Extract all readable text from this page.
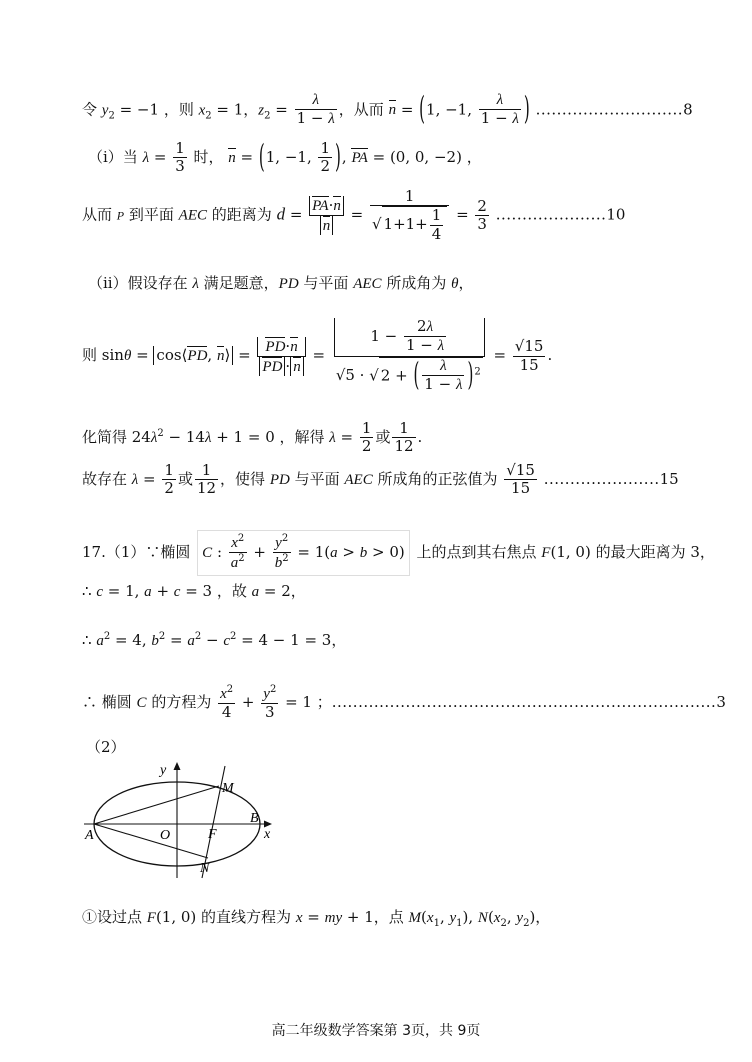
令 $y_2 = -1$ ，则 $x_2 = 1$，$z_2 = \frac{\lambda}{1 - \lambda}$ ，从而 n = (1, −1, $\frac{\lambda}{1 - \lambda}$ ) ............................8
（i）当 $\lambda = \frac{1}{3}$ 时， n = (1, −1, $\frac{1}{2}$ ), PA = (0, 0, −2) ，
从而 P 到平面 AEC 的距离为 $d = \frac{PA\cdot n}{n} = \frac{1}{√ 1+1+ \frac{1}{4}} = \frac{2}{3} .....................10$
（ii）假设存在 λ 满足题意，PD 与平面 AEC 所成角为 θ，
则 sinθ = cos⟨PD, n⟩ = $\frac{PD\cdot n}{PD \cdot n} = \frac{1 - \frac{2\lambda}{1 - \lambda}}{√5 \cdot √ 2 + ( \frac{\lambda}{1 - \lambda} )^2} = \frac{√15}{15}$ .
化简得 $24\lambda^2 - 14\lambda + 1 = 0$ ，解得 $\lambda = \frac{1}{2}$ 或 $\frac{1}{12}$ .
故存在 $\lambda = \frac{1}{2}$ 或 $\frac{1}{12}$ ，使得 PD 与平面 AEC 所成角的正弦值为 $\frac{√15}{15} ......................15$
17.（1）∵椭圆 C : $\frac{x^2}{a^2} + \frac{y^2}{b^2} = 1(a > b > 0)$ 上的点到其右焦点 F(1, 0) 的最大距离为 3，
∴ c = 1, a + c = 3 ，故 a = 2，
∴ $a^2 = 4$, $b^2 = a^2 - c^2 = 4 - 1 = 3$，
∴ 椭圆 C 的方程为 $\frac{x^2}{4} + \frac{y^2}{3} = 1$ ；.........................................................................3
（2）
y
x
A	O	F
B
M
N
①设过点 F(1, 0) 的直线方程为 x = my + 1，点 $M(x_1$, $y_1$), $N(x_2$, $y_2$)，
高二年级数学答案第 3页，共 9页
